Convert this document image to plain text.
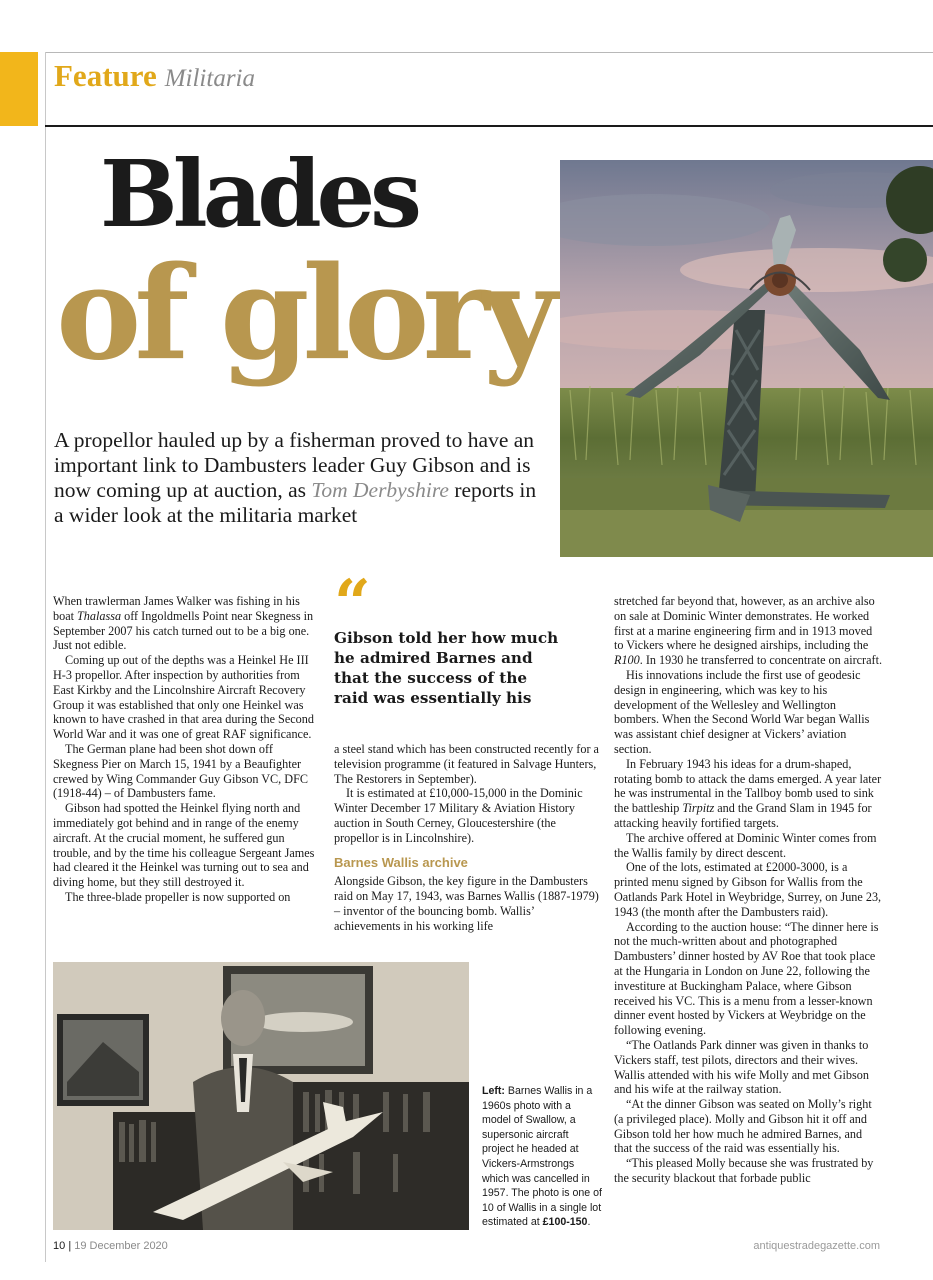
Feature Militaria
Blades
of glory
A propellor hauled up by a fisherman proved to have an important link to Dambusters leader Guy Gibson and is now coming up at auction, as Tom Derbyshire reports in a wider look at the militaria market

When trawlerman James Walker was fishing in his boat Thalassa off Ingoldmells Point near Skegness in September 2007 his catch turned out to be a big one. Just not edible.

Coming up out of the depths was a Heinkel He III H-3 propellor. After inspection by authorities from East Kirkby and the Lincolnshire Aircraft Recovery Group it was established that only one Heinkel was known to have crashed in that area during the Second World War and it was one of great RAF significance.

The German plane had been shot down off Skegness Pier on March 15, 1941 by a Beaufighter crewed by Wing Commander Guy Gibson VC, DFC (1918-44) – of Dambusters fame.

Gibson had spotted the Heinkel flying north and immediately got behind and in range of the enemy aircraft. At the crucial moment, he suffered gun trouble, and by the time his colleague Sergeant James had cleared it the Heinkel was turning out to sea and diving home, but they still destroyed it.

The three-blade propeller is now supported on

“
Gibson told her how much he admired Barnes and that the success of the raid was essentially his

a steel stand which has been constructed recently for a television programme (it featured in Salvage Hunters, The Restorers in September).

It is estimated at £10,000-15,000 in the Dominic Winter December 17 Military & Aviation History auction in South Cerney, Gloucestershire (the propellor is in Lincolnshire).

Barnes Wallis archive

Alongside Gibson, the key figure in the Dambusters raid on May 17, 1943, was Barnes Wallis (1887-1979) – inventor of the bouncing bomb. Wallis’ achievements in his working life

stretched far beyond that, however, as an archive also on sale at Dominic Winter demonstrates. He worked first at a marine engineering firm and in 1913 moved to Vickers where he designed airships, including the R100. In 1930 he transferred to concentrate on aircraft.

His innovations include the first use of geodesic design in engineering, which was key to his development of the Wellesley and Wellington bombers. When the Second World War began Wallis was assistant chief designer at Vickers’ aviation section.

In February 1943 his ideas for a drum-shaped, rotating bomb to attack the dams emerged. A year later he was instrumental in the Tallboy bomb used to sink the battleship Tirpitz and the Grand Slam in 1945 for attacking heavily fortified targets.

The archive offered at Dominic Winter comes from the Wallis family by direct descent.

One of the lots, estimated at £2000-3000, is a printed menu signed by Gibson for Wallis from the Oatlands Park Hotel in Weybridge, Surrey, on June 23, 1943 (the month after the Dambusters raid).

According to the auction house: “The dinner here is not the much-written about and photographed Dambusters’ dinner hosted by AV Roe that took place at the Hungaria in London on June 22, following the investiture at Buckingham Palace, where Gibson received his VC. This is a menu from a lesser-known dinner event hosted by Vickers at Weybridge on the following evening.

“The Oatlands Park dinner was given in thanks to Vickers staff, test pilots, directors and their wives. Wallis attended with his wife Molly and met Gibson and his wife at the railway station.

“At the dinner Gibson was seated on Molly’s right (a privileged place). Molly and Gibson hit it off and Gibson told her how much he admired Barnes, and that the success of the raid was essentially his.

“This pleased Molly because she was frustrated by the security blackout that forbade public

Left: Barnes Wallis in a 1960s photo with a model of Swallow, a supersonic aircraft project he headed at Vickers-Armstrongs which was cancelled in 1957. The photo is one of 10 of Wallis in a single lot estimated at £100-150.
10 | 19 December 2020	antiquestradegazette.com
